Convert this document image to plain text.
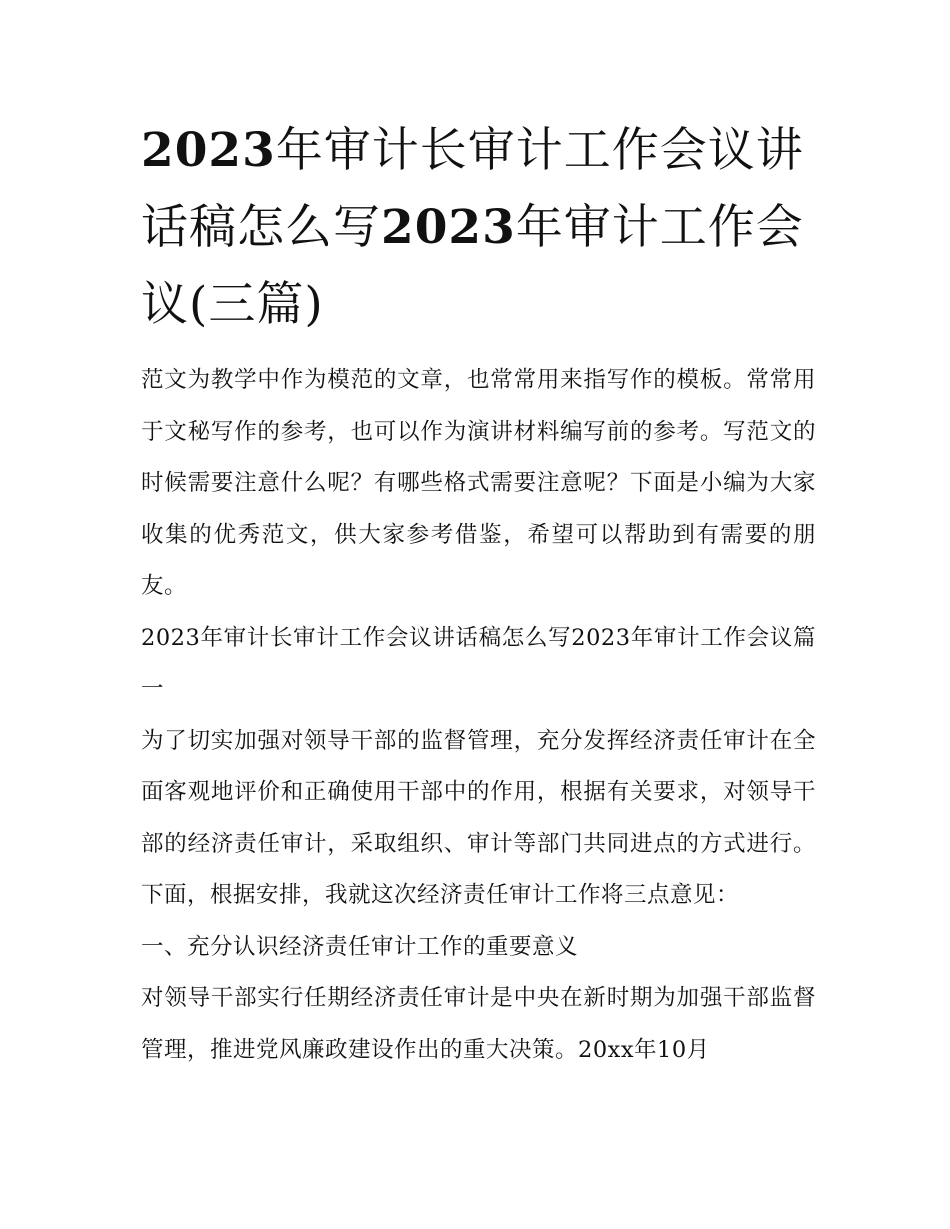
2023年审计长审计工作会议讲话稿怎么写2023年审计工作会议(三篇)

范文为教学中作为模范的文章，也常常用来指写作的模板。常常用于文秘写作的参考，也可以作为演讲材料编写前的参考。写范文的时候需要注意什么呢？有哪些格式需要注意呢？下面是小编为大家收集的优秀范文，供大家参考借鉴，希望可以帮助到有需要的朋友。

2023年审计长审计工作会议讲话稿怎么写2023年审计工作会议篇一

为了切实加强对领导干部的监督管理，充分发挥经济责任审计在全面客观地评价和正确使用干部中的作用，根据有关要求，对领导干部的经济责任审计，采取组织、审计等部门共同进点的方式进行。下面，根据安排，我就这次经济责任审计工作将三点意见：

一、充分认识经济责任审计工作的重要意义

对领导干部实行任期经济责任审计是中央在新时期为加强干部监督管理，推进党风廉政建设作出的重大决策。20xx年10月
